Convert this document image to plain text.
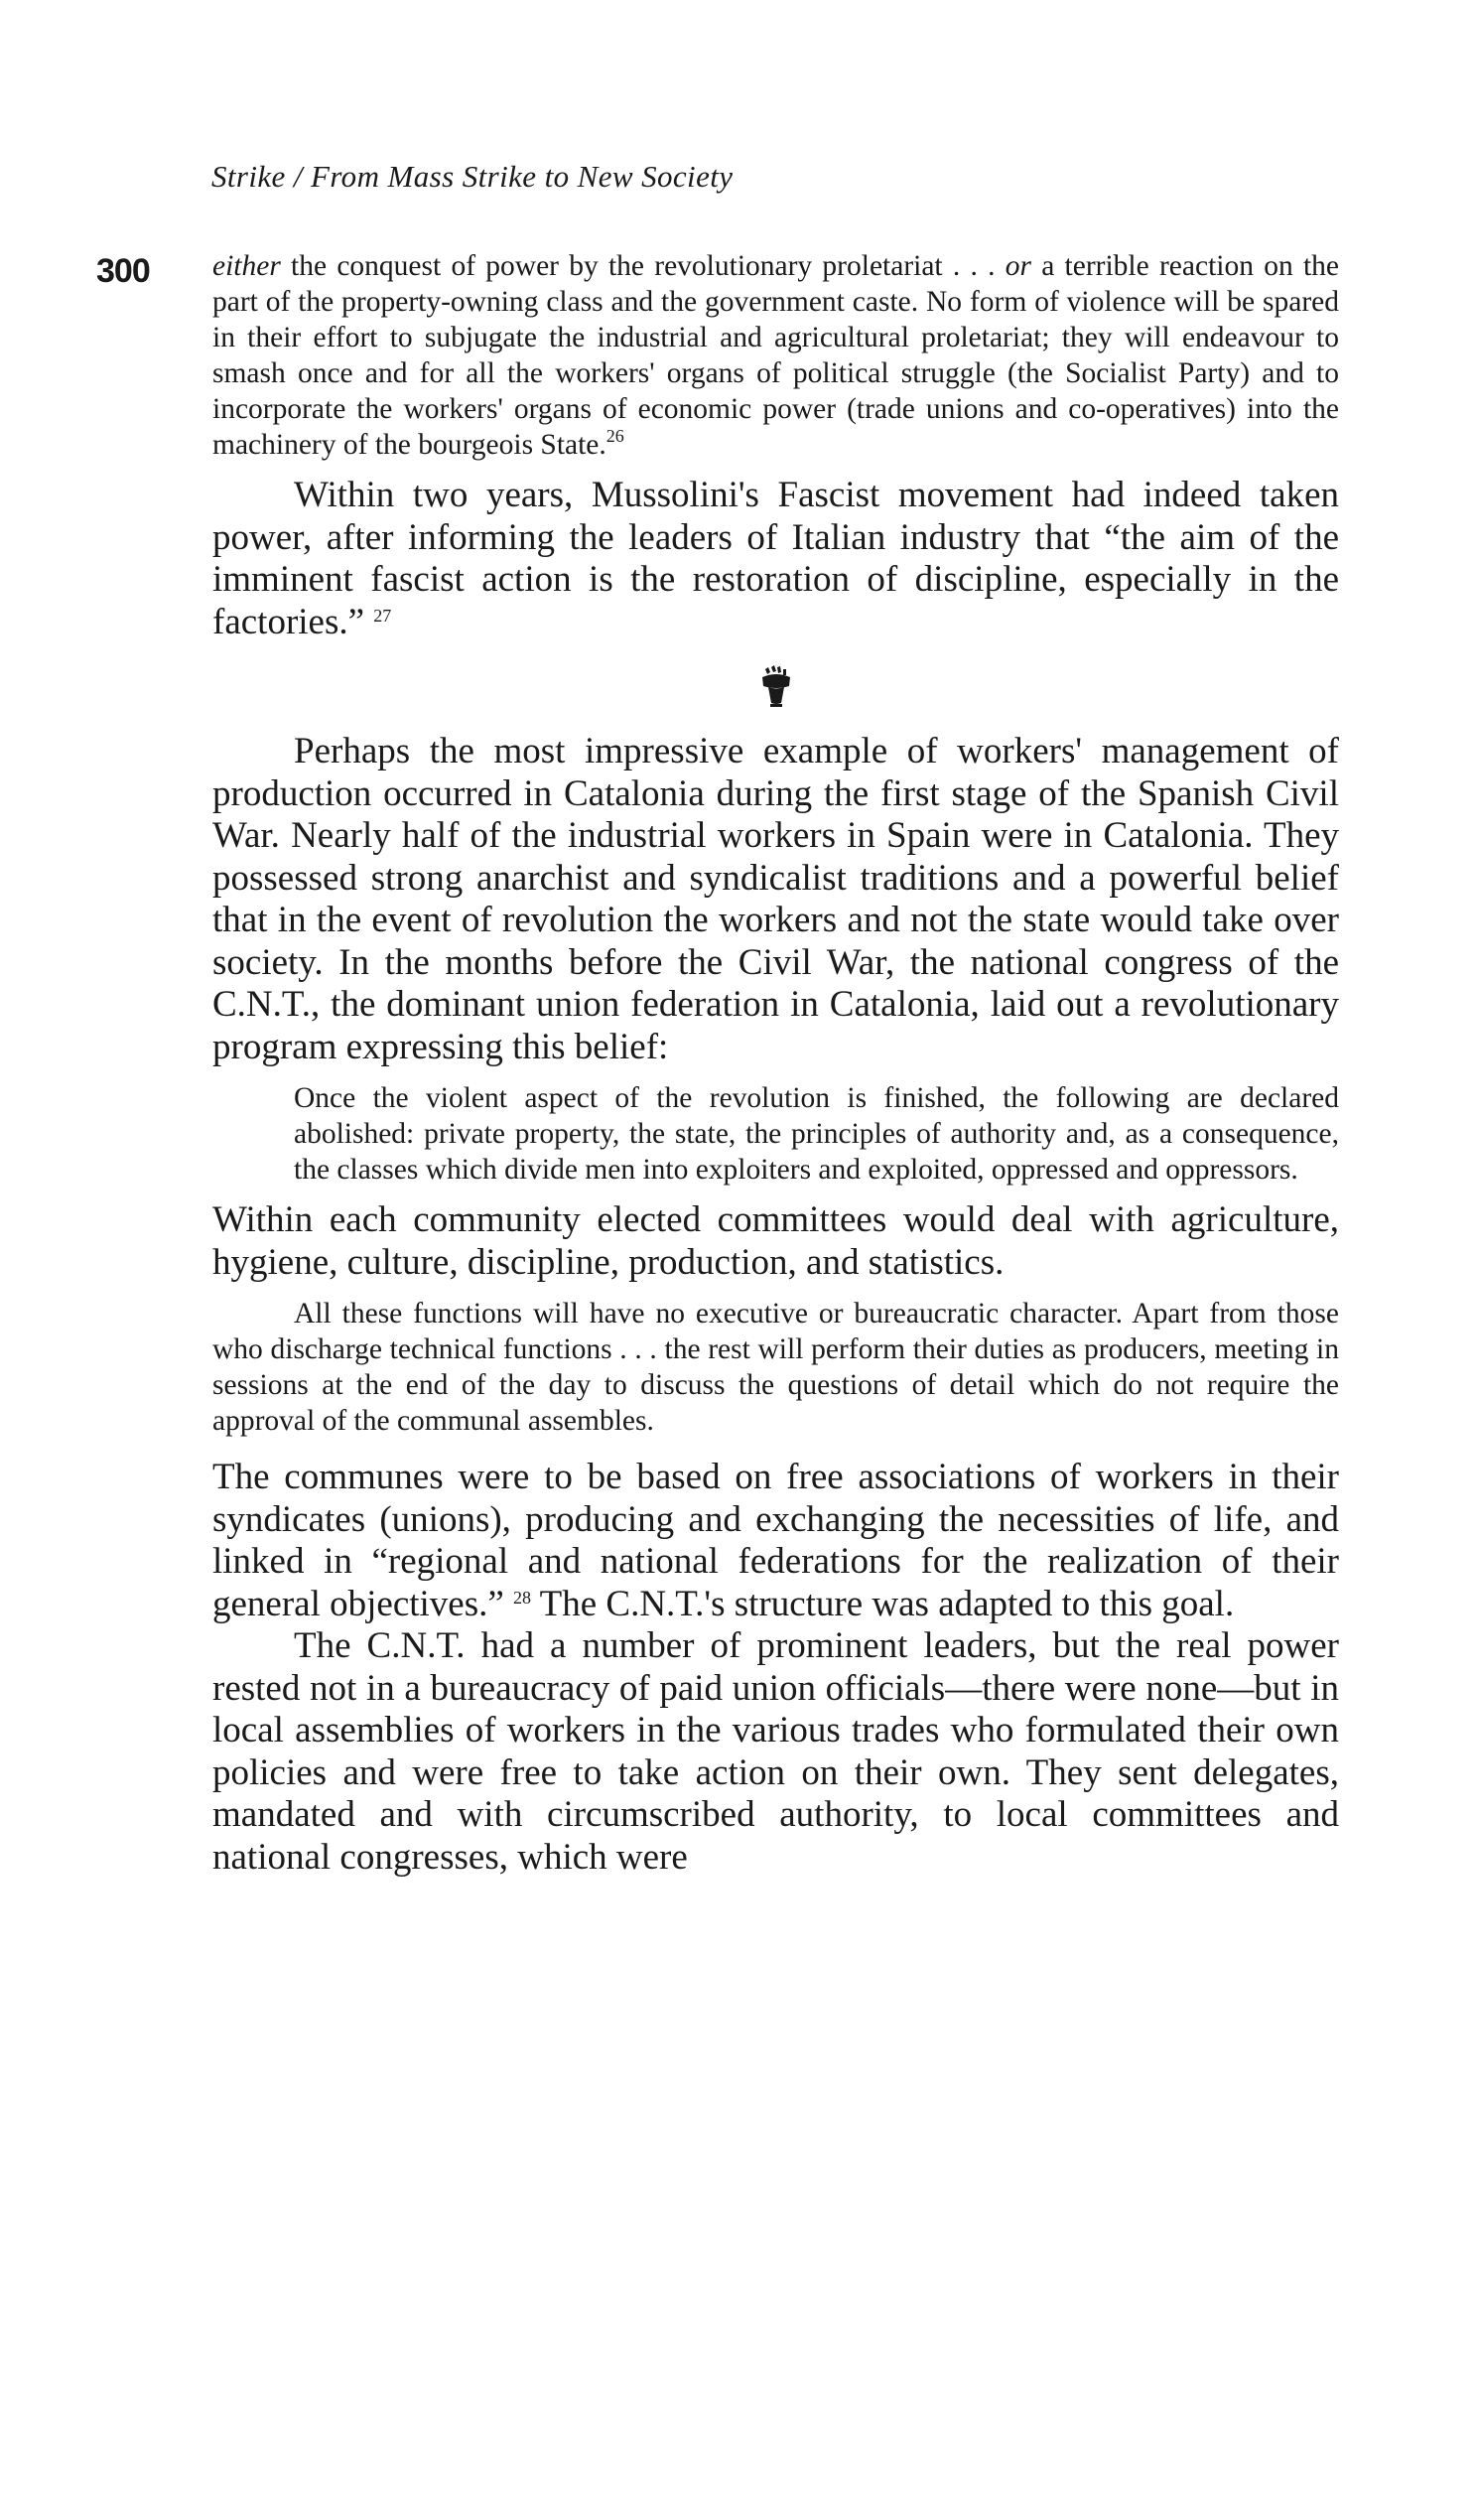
Strike / From Mass Strike to New Society

300 either the conquest of power by the revolutionary proletariat . . . or a terrible reaction on the part of the property-owning class and the government caste. No form of violence will be spared in their effort to subjugate the industrial and agricultural proletariat; they will endeavour to smash once and for all the workers' organs of political struggle (the Socialist Party) and to incorporate the workers' organs of economic power (trade unions and co-operatives) into the machinery of the bourgeois State.$^{26}$

Within two years, Mussolini's Fascist movement had indeed taken power, after informing the leaders of Italian industry that “the aim of the imminent fascist action is the restoration of discipline, especially in the factories.” $^{27}$

Perhaps the most impressive example of workers' management of production occurred in Catalonia during the first stage of the Spanish Civil War. Nearly half of the industrial workers in Spain were in Catalonia. They possessed strong anarchist and syndicalist traditions and a powerful belief that in the event of revolution the workers and not the state would take over society. In the months before the Civil War, the national congress of the C.N.T., the dominant union federation in Catalonia, laid out a revolutionary program expressing this belief:

Once the violent aspect of the revolution is finished, the following are declared abolished: private property, the state, the principles of authority and, as a consequence, the classes which divide men into exploiters and exploited, oppressed and oppressors.

Within each community elected committees would deal with agriculture, hygiene, culture, discipline, production, and statistics.

All these functions will have no executive or bureaucratic character. Apart from those who discharge technical functions . . . the rest will perform their duties as producers, meeting in sessions at the end of the day to discuss the questions of detail which do not require the approval of the communal assembles.

The communes were to be based on free associations of workers in their syndicates (unions), producing and exchanging the necessities of life, and linked in “regional and national federations for the realization of their general objectives.” $^{28}$ The C.N.T.'s structure was adapted to this goal.

The C.N.T. had a number of prominent leaders, but the real power rested not in a bureaucracy of paid union officials—there were none—but in local assemblies of workers in the various trades who formulated their own policies and were free to take action on their own. They sent delegates, mandated and with circumscribed authority, to local committees and national congresses, which were
